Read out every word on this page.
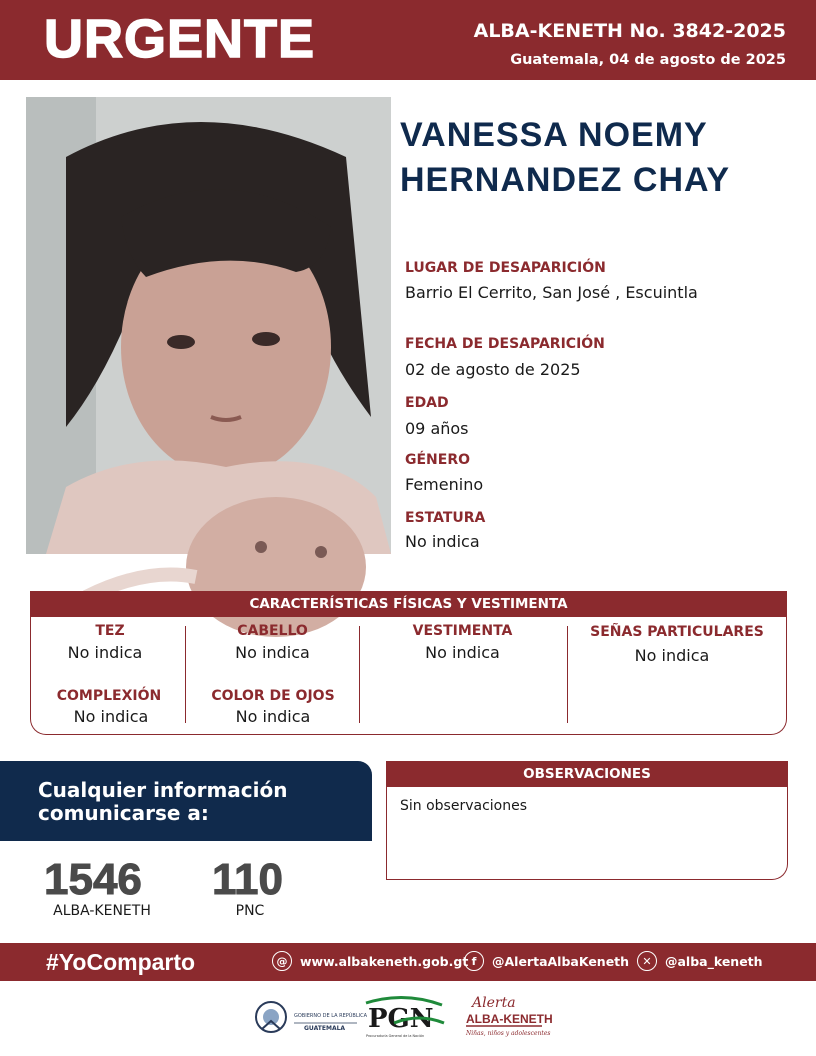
URGENTE	ALBA-KENETH No. 3842-2025
Guatemala, 04 de agosto de 2025
VANESSA NOEMY
HERNANDEZ CHAY
LUGAR DE DESAPARICIÓN
Barrio El Cerrito, San José , Escuintla
FECHA DE DESAPARICIÓN
02 de agosto de 2025
EDAD
09 años
GÉNERO
Femenino
ESTATURA
No indica
CARACTERÍSTICAS FÍSICAS Y VESTIMENTA
TEZ
No indica
CABELLO
No indica
VESTIMENTA
No indica
SEÑAS PARTICULARES
No indica
COMPLEXIÓN
No indica
COLOR DE OJOS
No indica
Cualquier información
comunicarse a:
1546
ALBA-KENETH
110
PNC
OBSERVACIONES
Sin observaciones
#YoComparto	@	www.albakeneth.gob.gt f	@AlertaAlbaKeneth	✕	@alba_keneth
GOBIERNO DE LA REPÚBLICA
GUATEMALA PGN
Procuraduría General de la Nación
Alerta
ALBA-KENETH
Niñas, niños y adolescentes
